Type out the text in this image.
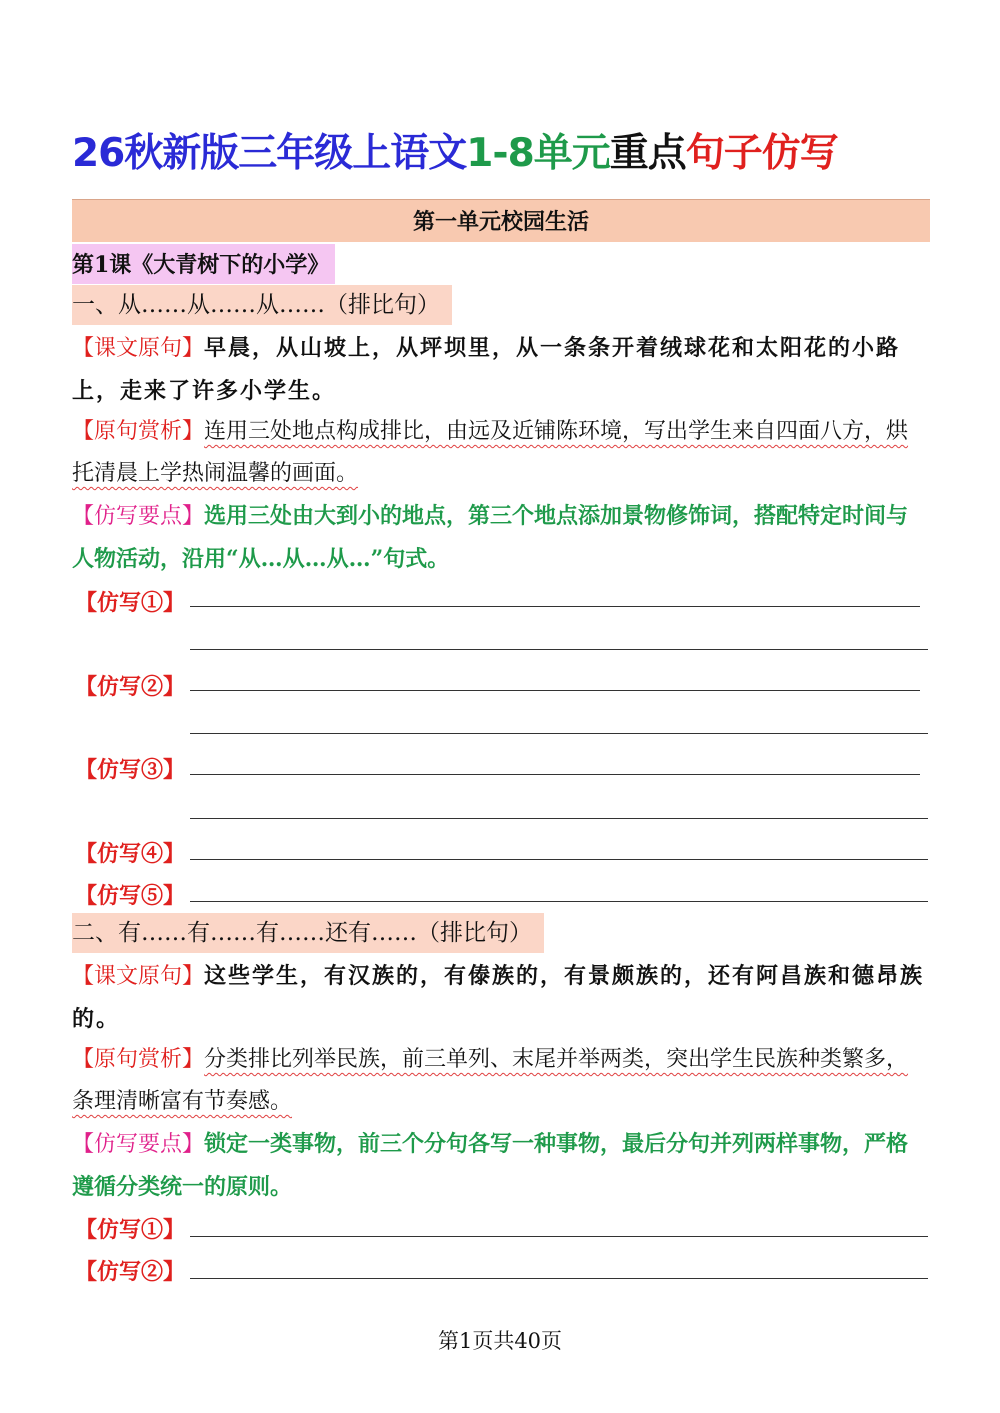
26秋新版三年级上语文1-8单元重点句子仿写
第一单元校园生活
第1课《大青树下的小学》
一、从……从……从……（排比句）
【课文原句】早晨，从山坡上，从坪坝里，从一条条开着绒球花和太阳花的小路上，走来了许多小学生。
【原句赏析】连用三处地点构成排比，由远及近铺陈环境，写出学生来自四面八方，烘托清晨上学热闹温馨的画面。
【仿写要点】选用三处由大到小的地点，第三个地点添加景物修饰词，搭配特定时间与人物活动，沿用“从…从…从…”句式。
【仿写①】
【仿写②】
【仿写③】
【仿写④】
【仿写⑤】
二、有……有……有……还有……（排比句）
【课文原句】这些学生，有汉族的，有傣族的，有景颇族的，还有阿昌族和德昂族的。
【原句赏析】分类排比列举民族，前三单列、末尾并举两类，突出学生民族种类繁多，条理清晰富有节奏感。
【仿写要点】锁定一类事物，前三个分句各写一种事物，最后分句并列两样事物，严格遵循分类统一的原则。
【仿写①】
【仿写②】
第1页共40页
